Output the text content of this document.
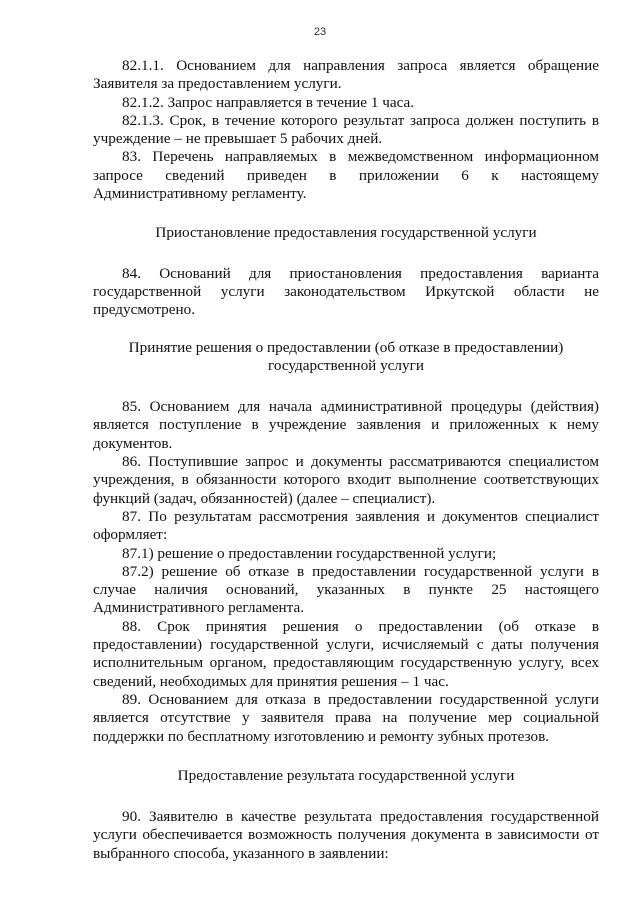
23

82.1.1. Основанием для направления запроса является обращение Заявителя за предоставлением услуги.

82.1.2. Запрос направляется в течение 1 часа.

82.1.3. Срок, в течение которого результат запроса должен поступить в учреждение – не превышает 5 рабочих дней.

83. Перечень направляемых в межведомственном информационном запросе сведений приведен в приложении 6 к настоящему Административному регламенту.

Приостановление предоставления государственной услуги

84. Оснований для приостановления предоставления варианта государственной услуги законодательством Иркутской области не предусмотрено.

Принятие решения о предоставлении (об отказе в предоставлении) государственной услуги

85. Основанием для начала административной процедуры (действия) является поступление в учреждение заявления и приложенных к нему документов.

86. Поступившие запрос и документы рассматриваются специалистом учреждения, в обязанности которого входит выполнение соответствующих функций (задач, обязанностей) (далее – специалист).

87. По результатам рассмотрения заявления и документов специалист оформляет:

87.1) решение о предоставлении государственной услуги;

87.2) решение об отказе в предоставлении государственной услуги в случае наличия оснований, указанных в пункте 25 настоящего Административного регламента.

88. Срок принятия решения о предоставлении (об отказе в предоставлении) государственной услуги, исчисляемый с даты получения исполнительным органом, предоставляющим государственную услугу, всех сведений, необходимых для принятия решения – 1 час.

89. Основанием для отказа в предоставлении государственной услуги является отсутствие у заявителя права на получение мер социальной поддержки по бесплатному изготовлению и ремонту зубных протезов.

Предоставление результата государственной услуги

90. Заявителю в качестве результата предоставления государственной услуги обеспечивается возможность получения документа в зависимости от выбранного способа, указанного в заявлении:
